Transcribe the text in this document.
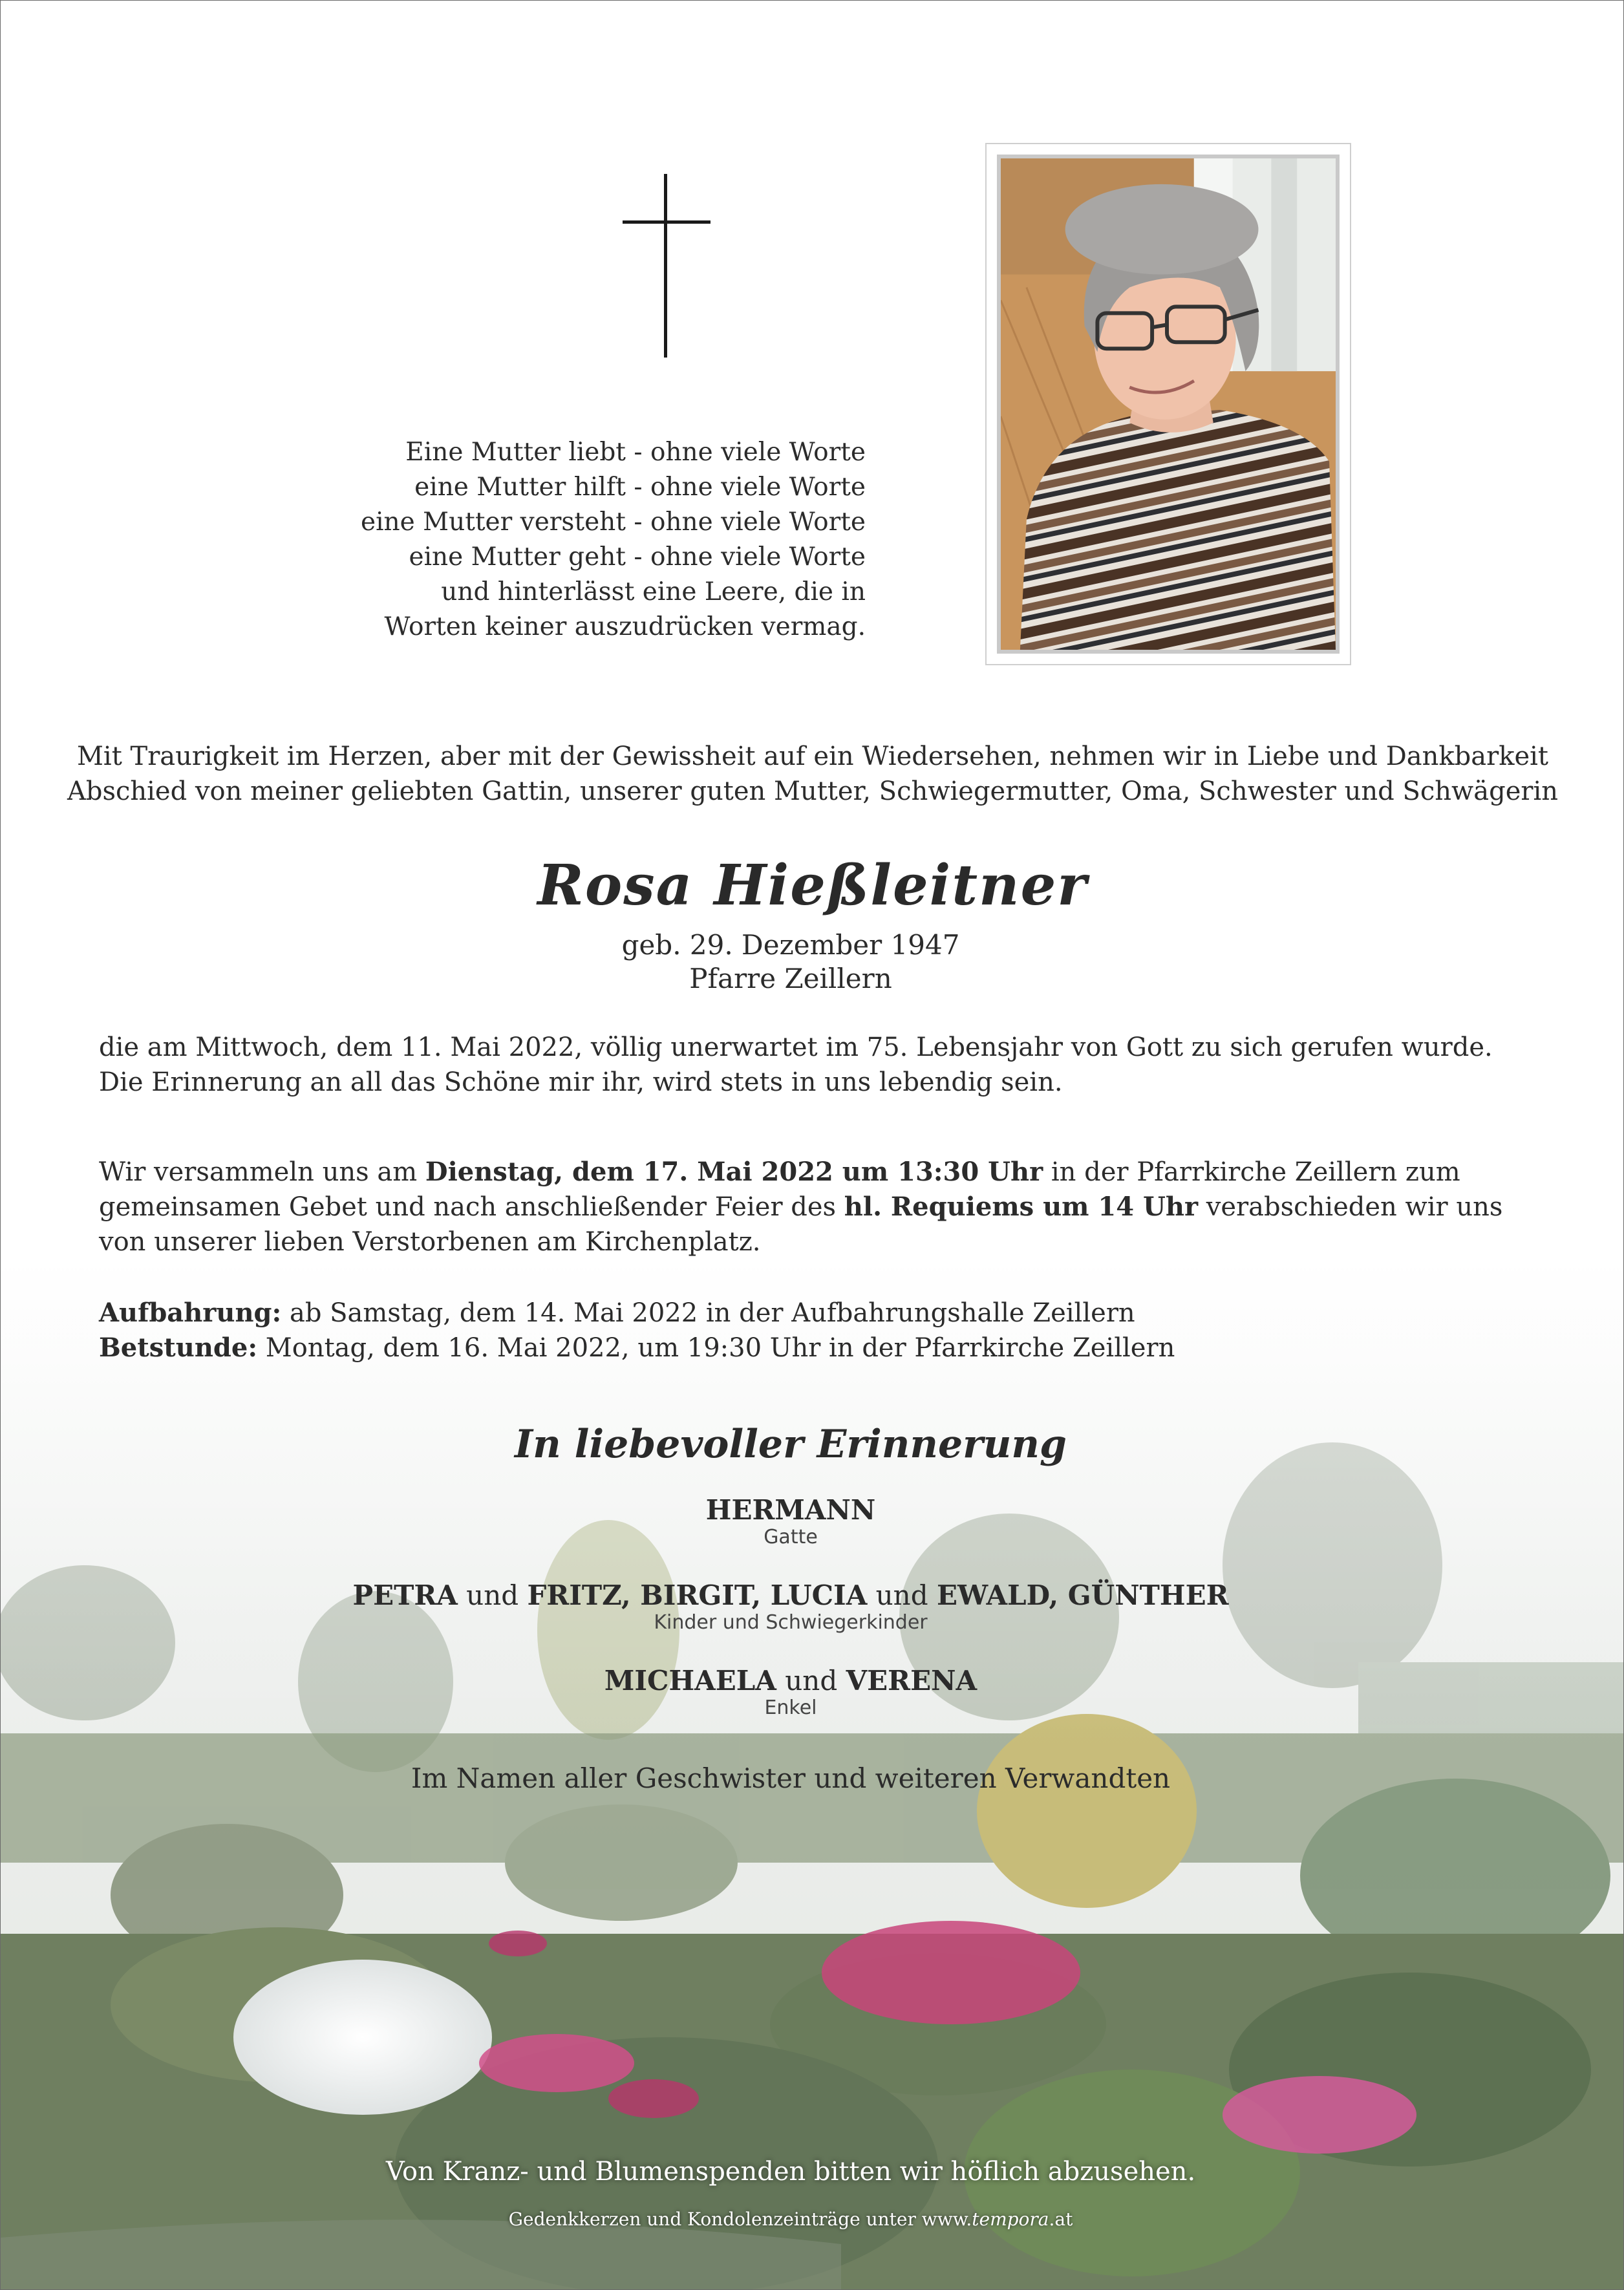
Eine Mutter liebt - ohne viele Worte
eine Mutter hilft - ohne viele Worte
eine Mutter versteht - ohne viele Worte
eine Mutter geht - ohne viele Worte
und hinterlässt eine Leere, die in
Worten keiner auszudrücken vermag.
Mit Traurigkeit im Herzen, aber mit der Gewissheit auf ein Wiedersehen, nehmen wir in Liebe und Dankbarkeit
Abschied von meiner geliebten Gattin, unserer guten Mutter, Schwiegermutter, Oma, Schwester und Schwägerin
Rosa Hießleitner
geb. 29. Dezember 1947
Pfarre Zeillern
die am Mittwoch, dem 11. Mai 2022, völlig unerwartet im 75. Lebensjahr von Gott zu sich gerufen wurde.
Die Erinnerung an all das Schöne mir ihr, wird stets in uns lebendig sein.
Wir versammeln uns am Dienstag, dem 17. Mai 2022 um 13:30 Uhr in der Pfarrkirche Zeillern zum
gemeinsamen Gebet und nach anschließender Feier des hl. Requiems um 14 Uhr verabschieden wir uns
von unserer lieben Verstorbenen am Kirchenplatz.
Aufbahrung: ab Samstag, dem 14. Mai 2022 in der Aufbahrungshalle Zeillern
Betstunde: Montag, dem 16. Mai 2022, um 19:30 Uhr in der Pfarrkirche Zeillern
In liebevoller Erinnerung
HERMANN
Gatte
PETRA und FRITZ, BIRGIT, LUCIA und EWALD, GÜNTHER
Kinder und Schwiegerkinder
MICHAELA und VERENA
Enkel
Im Namen aller Geschwister und weiteren Verwandten
Von Kranz- und Blumenspenden bitten wir höflich abzusehen.
Gedenkkerzen und Kondolenzeinträge unter www.tempora.at
